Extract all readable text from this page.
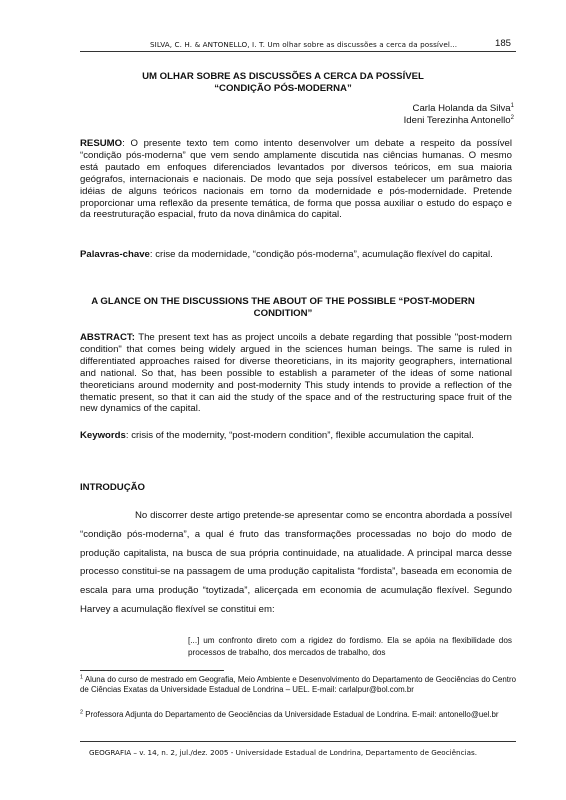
SILVA, C. H. & ANTONELLO, I. T. Um olhar sobre as discussões a cerca da possível...	185
UM OLHAR SOBRE AS DISCUSSÕES A CERCA DA POSSÍVEL
“CONDIÇÃO PÓS-MODERNA”
Carla Holanda da Silva$^1$
Ideni Terezinha Antonello$^2$
RESUMO: O presente texto tem como intento desenvolver um debate a respeito da possível “condição pós-moderna” que vem sendo amplamente discutida nas ciências humanas. O mesmo está pautado em enfoques diferenciados levantados por diversos teóricos, em sua maioria geógrafos, internacionais e nacionais. De modo que seja possível estabelecer um parâmetro das idéias de alguns teóricos nacionais em torno da modernidade e pós-modernidade. Pretende proporcionar uma reflexão da presente temática, de forma que possa auxiliar o estudo do espaço e da reestruturação espacial, fruto da nova dinâmica do capital.
Palavras-chave: crise da modernidade, “condição pós-moderna”, acumulação flexível do capital.
A GLANCE ON THE DISCUSSIONS THE ABOUT OF THE POSSIBLE “POST-MODERN
CONDITION”
ABSTRACT: The present text has as project uncoils a debate regarding that possible "post-modern condition" that comes being widely argued in the sciences human beings. The same is ruled in differentiated approaches raised for diverse theoreticians, in its majority geographers, international and national. So that, has been possible to establish a parameter of the ideas of some national theoreticians around modernity and post-modernity This study intends to provide a reflection of the thematic present, so that it can aid the study of the space and of the restructuring space fruit of the new dynamics of the capital.
Keywords: crisis of the modernity, “post-modern condition”, flexible accumulation the capital.
INTRODUÇÃO
No discorrer deste artigo pretende-se apresentar como se encontra abordada a possível “condição pós-moderna”, a qual é fruto das transformações processadas no bojo do modo de produção capitalista, na busca de sua própria continuidade, na atualidade. A principal marca desse processo constitui-se na passagem de uma produção capitalista “fordista”, baseada em economia de escala para uma produção “toytizada”, alicerçada em economia de acumulação flexível. Segundo Harvey a acumulação flexível se constitui em:
[...] um confronto direto com a rigidez do fordismo. Ela se apóia na flexibilidade dos processos de trabalho, dos mercados de trabalho, dos
$^1$ Aluna do curso de mestrado em Geografia, Meio Ambiente e Desenvolvimento do Departamento de Geociências do Centro de Ciências Exatas da Universidade Estadual de Londrina – UEL. E-mail: carlalpur@bol.com.br
$^2$ Professora Adjunta do Departamento de Geociências da Universidade Estadual de Londrina. E-mail: antonello@uel.br
GEOGRAFIA – v. 14, n. 2, jul./dez. 2005 - Universidade Estadual de Londrina, Departamento de Geociências.
